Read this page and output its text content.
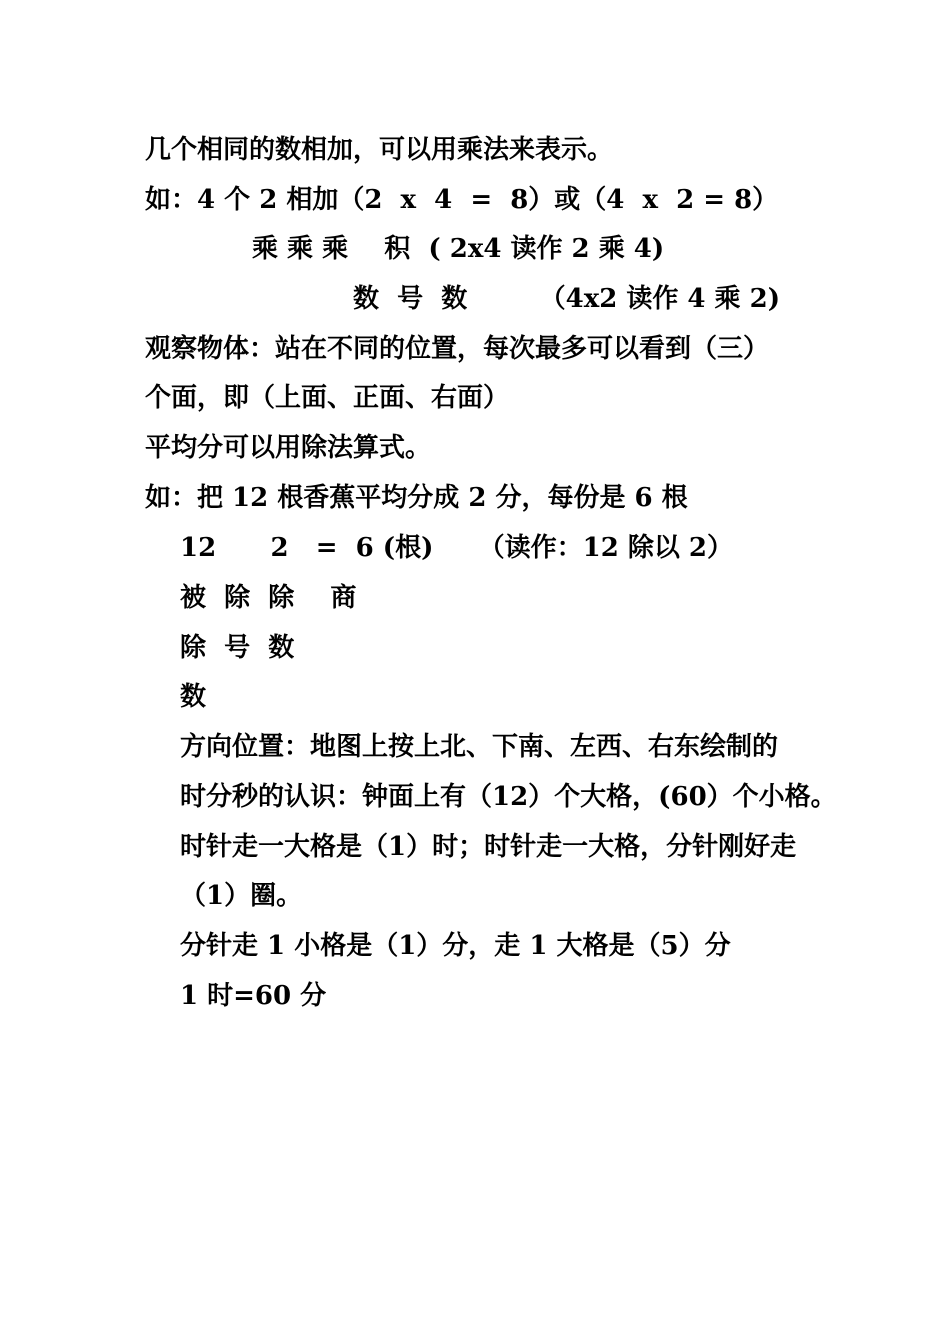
几个相同的数相加，可以用乘法来表示。
如：4 个 2 相加（2  x  4  =  8）或（4  x  2 = 8）
乘 乘 乘    积  ( 2x4 读作 2 乘 4)
数  号  数        （4x2 读作 4 乘 2)
观察物体：站在不同的位置，每次最多可以看到（三）
个面，即（上面、正面、右面）
平均分可以用除法算式。
如：把 12 根香蕉平均分成 2 分，每份是 6 根
12      2   =  6 (根)     （读作：12 除以 2）
被  除  除    商
除  号  数
数
方向位置：地图上按上北、下南、左西、右东绘制的
时分秒的认识：钟面上有（12）个大格，(60）个小格。
时针走一大格是（1）时；时针走一大格，分针刚好走
（1）圈。
分针走 1 小格是（1）分，走 1 大格是（5）分
1 时=60 分
